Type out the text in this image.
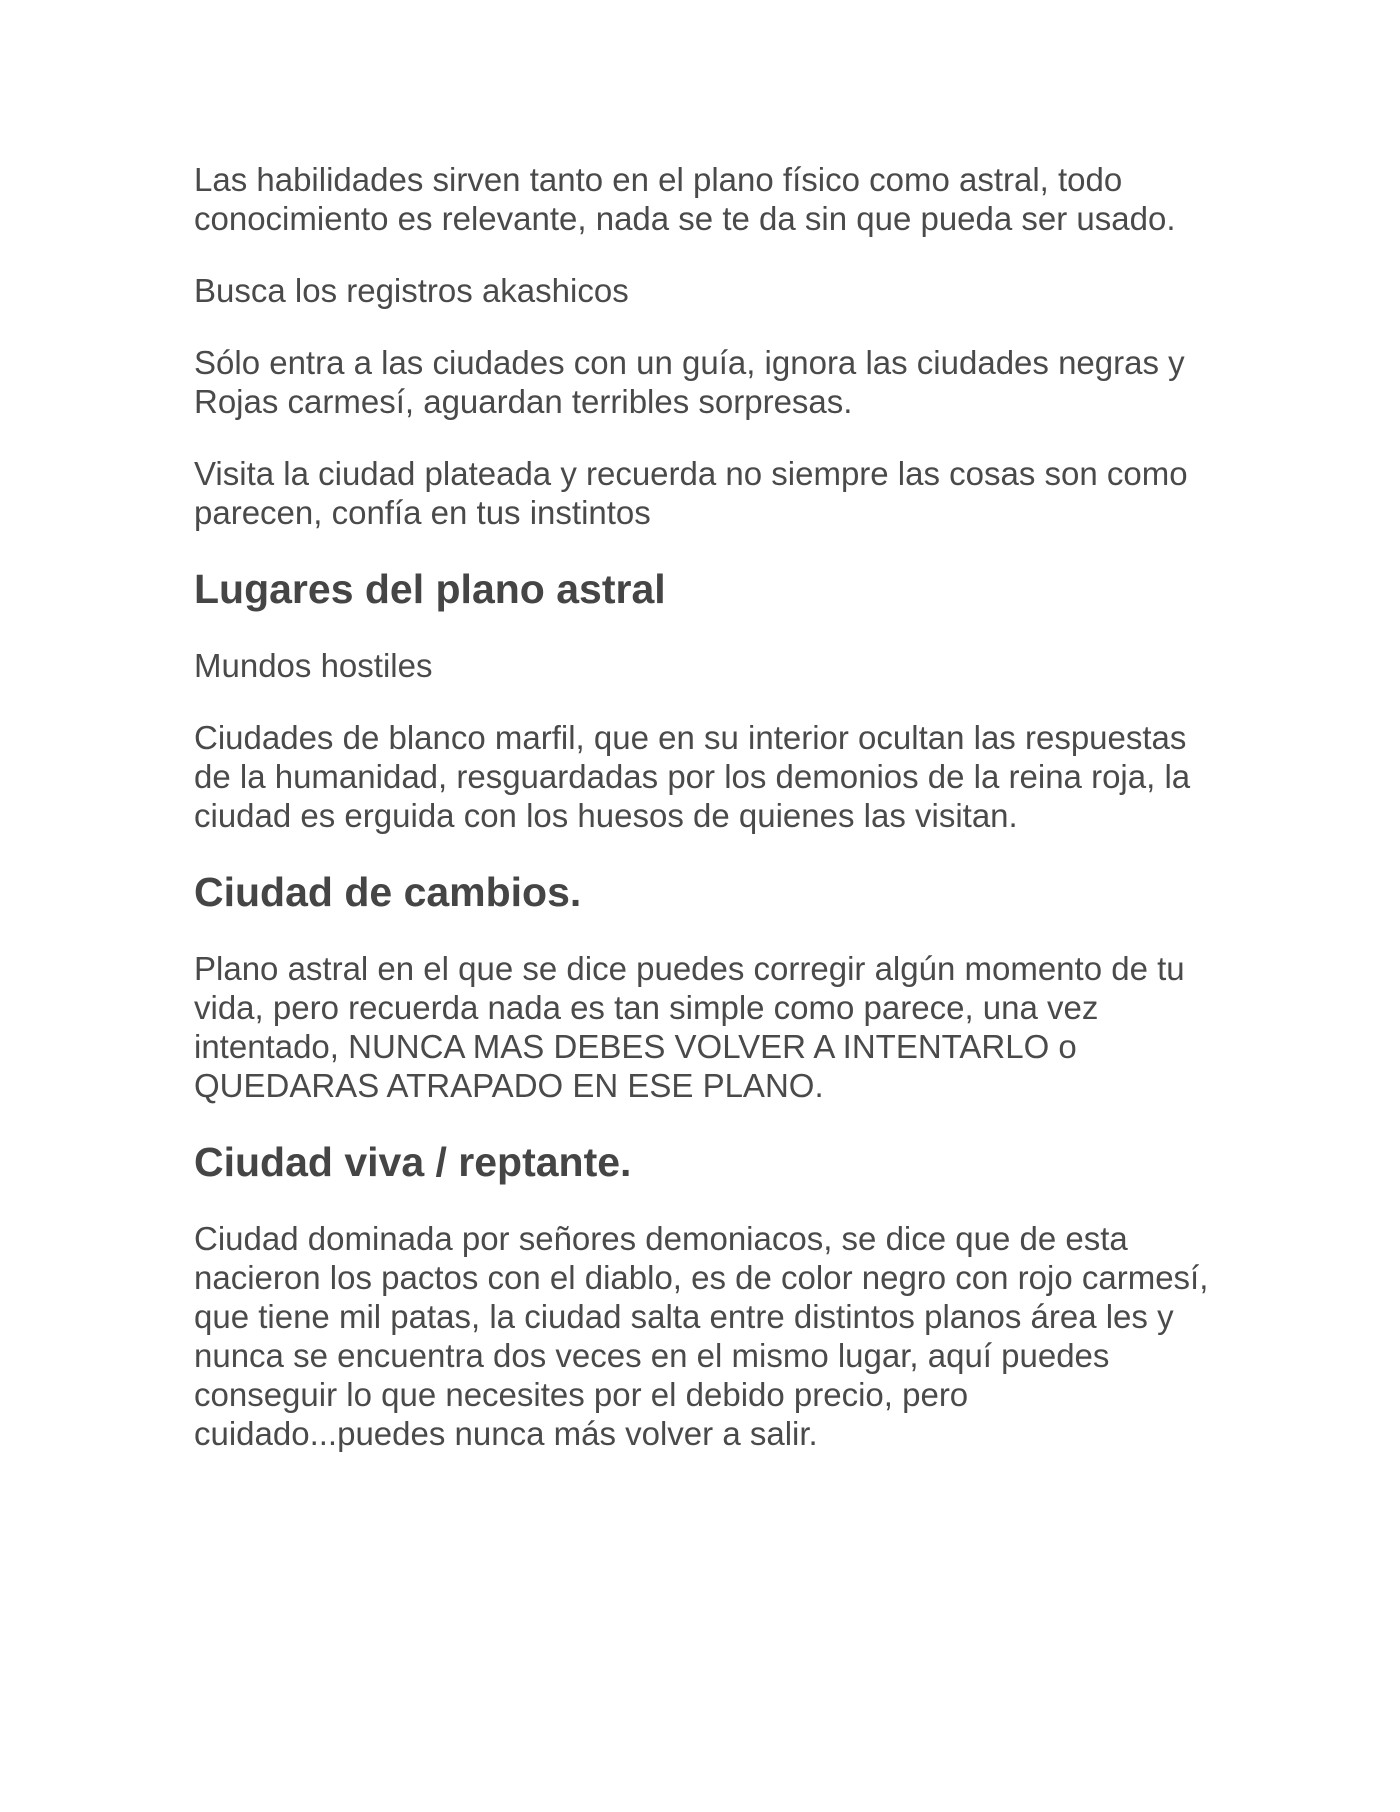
Las habilidades sirven tanto en el plano físico como astral, todo conocimiento es relevante, nada se te da sin que pueda ser usado.

Busca los registros akashicos

Sólo entra a las ciudades con un guía, ignora las ciudades negras y Rojas carmesí, aguardan terribles sorpresas.

Visita la ciudad plateada y recuerda no siempre las cosas son como parecen, confía en tus instintos

Lugares del plano astral

Mundos hostiles

Ciudades de blanco marfil, que en su interior ocultan las respuestas de la humanidad, resguardadas por los demonios de la reina roja, la ciudad es erguida con los huesos de quienes las visitan.

Ciudad de cambios.

Plano astral en el que se dice puedes corregir algún momento de tu vida, pero recuerda nada es tan simple como parece, una vez intentado, NUNCA MAS DEBES VOLVER A INTENTARLO o QUEDARAS ATRAPADO EN ESE PLANO.

Ciudad viva / reptante.

Ciudad dominada por señores demoniacos, se dice que de esta nacieron los pactos con el diablo, es de color negro con rojo carmesí, que tiene mil patas, la ciudad salta entre distintos planos área les y nunca se encuentra dos veces en el mismo lugar, aquí puedes conseguir lo que necesites por el debido precio, pero cuidado...puedes nunca más volver a salir.
